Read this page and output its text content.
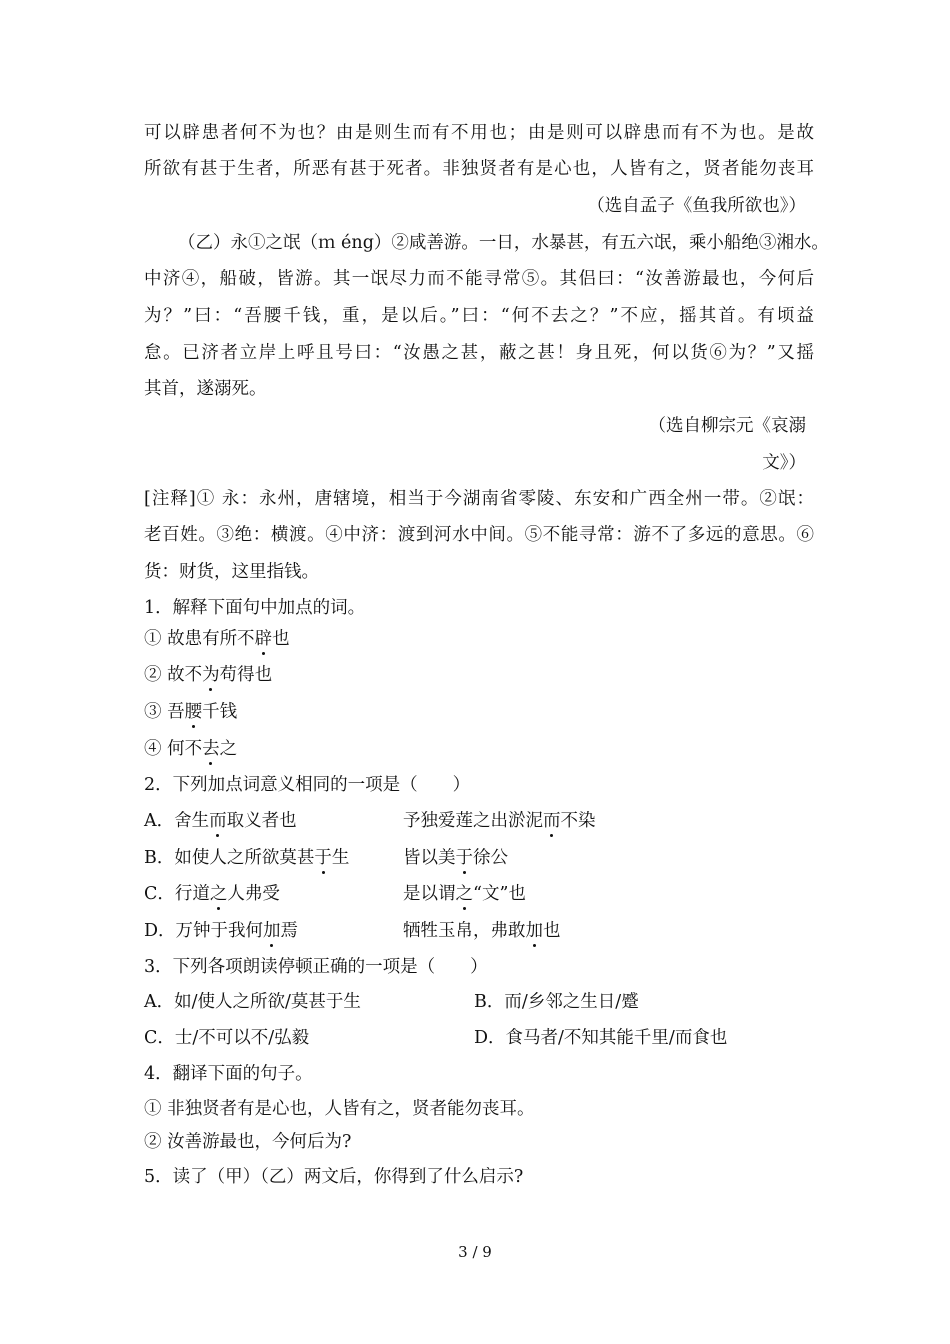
可以辟患者何不为也？由是则生而有不用也；由是则可以辟患而有不为也。是故
所欲有甚于生者，所恶有甚于死者。非独贤者有是心也，人皆有之，贤者能勿丧耳
（选自孟子《鱼我所欲也》）
（乙）永①之氓（ｍ éng）②咸善游。一日，水暴甚，有五六氓，乘小船绝③湘水。
中济④，船破，皆游。其一氓尽力而不能寻常⑤。其侣曰：“汝善游最也，今何后
为？”曰：“吾腰千钱，重，是以后。”曰：“何不去之？”不应，摇其首。有顷益
怠。已济者立岸上呼且号曰：“汝愚之甚，蔽之甚！身且死，何以货⑥为？”又摇
其首，遂溺死。
（选自柳宗元《哀溺
文》）
[注释]① 永：永州，唐辖境，相当于今湖南省零陵、东安和广西全州一带。②氓：
老百姓。③绝：横渡。④中济：渡到河水中间。⑤不能寻常：游不了多远的意思。⑥
货：财货，这里指钱。
1．解释下面句中加点的词。
① 故患有所不辟也
② 故不为苟得也
③ 吾腰千钱
④ 何不去之
2．下列加点词意义相同的一项是（　　）
A．舍生而取义者也	予独爱莲之出淤泥而不染
B．如使人之所欲莫甚于生	皆以美于徐公
C．行道之人弗受	是以谓之“文”也
D．万钟于我何加焉	牺牲玉帛，弗敢加也
3．下列各项朗读停顿正确的一项是（　　）
A．如/使人之所欲/莫甚于生	B．而/乡邻之生日/蹙
C．士/不可以不/弘毅	D．食马者/不知其能千里/而食也
4．翻译下面的句子。
① 非独贤者有是心也，人皆有之，贤者能勿丧耳。
② 汝善游最也，今何后为?
5．读了（甲）（乙）两文后，你得到了什么启示?
3 / 9
